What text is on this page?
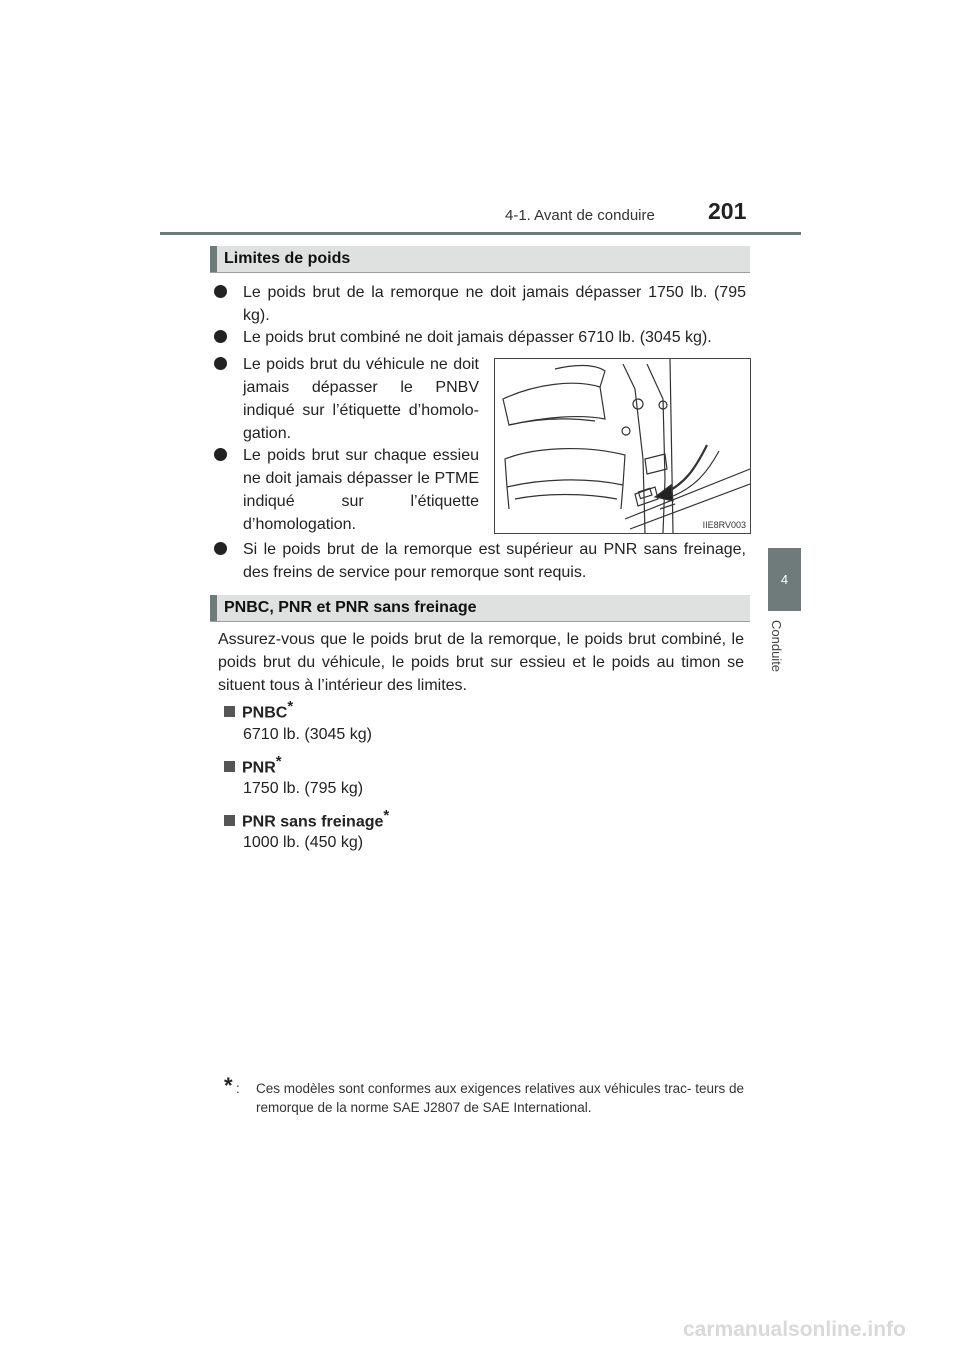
4-1. Avant de conduire 201
4
Conduite
Limites de poids
Le poids brut de la remorque ne doit jamais dépasser 1750 lb. (795 kg).
Le poids brut combiné ne doit jamais dépasser 6710 lb. (3045 kg).
Le poids brut du véhicule ne doit jamais dépasser le PNBV indiqué sur l’étiquette d’homolo- gation.
Le poids brut sur chaque essieu ne doit jamais dépasser le PTME indiqué sur l’étiquette d’homologation.
Si le poids brut de la remorque est supérieur au PNR sans freinage, des freins de service pour remorque sont requis.
IIE8RV003
PNBC, PNR et PNR sans freinage
Assurez-vous que le poids brut de la remorque, le poids brut combiné, le poids brut du véhicule, le poids brut sur essieu et le poids au timon se situent tous à l’intérieur des limites.
PNBC*
6710 lb. (3045 kg)
PNR*
1750 lb. (795 kg)
PNR sans freinage*
1000 lb. (450 kg)
* : Ces modèles sont conformes aux exigences relatives aux véhicules trac- teurs de remorque de la norme SAE J2807 de SAE International.
carmanualsonline.info
